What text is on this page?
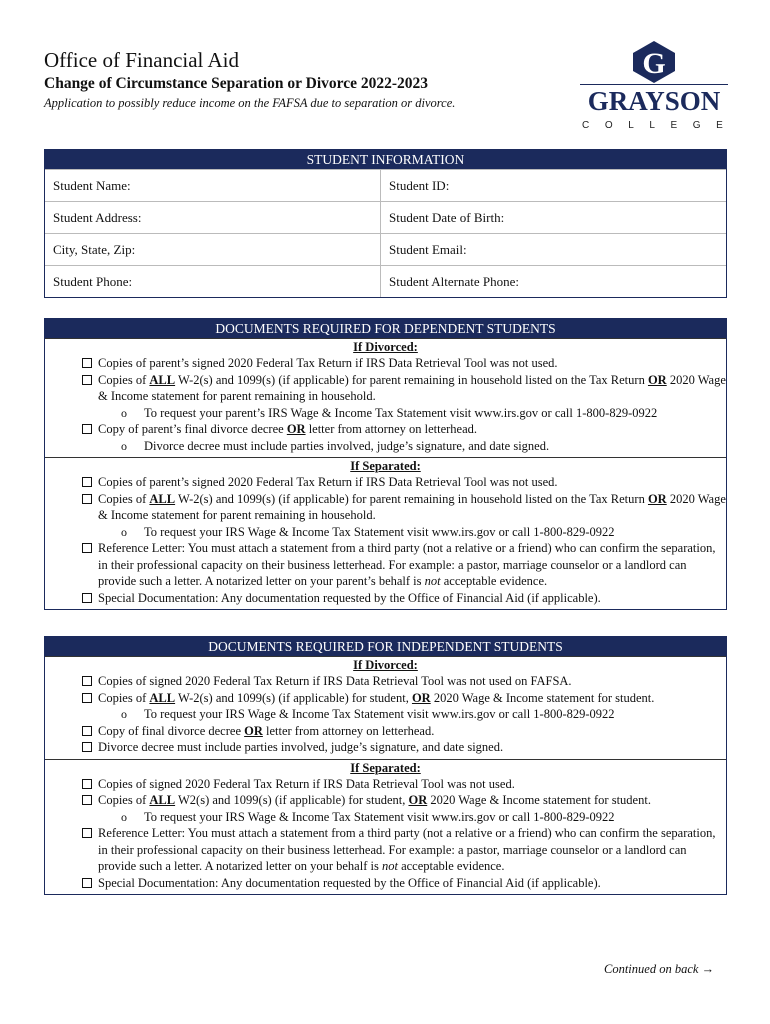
Office of Financial Aid
Change of Circumstance Separation or Divorce 2022-2023
Application to possibly reduce income on the FAFSA due to separation or divorce.
G
GRAYSON
COLLEGE
STUDENT INFORMATION
Student Name:	Student ID:
Student Address:	Student Date of Birth:
City, State, Zip:	Student Email:
Student Phone:	Student Alternate Phone:
DOCUMENTS REQUIRED FOR DEPENDENT STUDENTS
If Divorced:
Copies of parent’s signed 2020 Federal Tax Return if IRS Data Retrieval Tool was not used.
Copies of ALL W-2(s) and 1099(s) (if applicable) for parent remaining in household listed on the Tax Return OR 2020 Wage & Income statement for parent remaining in household.
o To request your parent’s IRS Wage & Income Tax Statement visit www.irs.gov or call 1-800-829-0922
Copy of parent’s final divorce decree OR letter from attorney on letterhead.
o Divorce decree must include parties involved, judge’s signature, and date signed.
If Separated:
Copies of parent’s signed 2020 Federal Tax Return if IRS Data Retrieval Tool was not used.
Copies of ALL W-2(s) and 1099(s) (if applicable) for parent remaining in household listed on the Tax Return OR 2020 Wage & Income statement for parent remaining in household.
o To request your IRS Wage & Income Tax Statement visit www.irs.gov or call 1-800-829-0922
Reference Letter: You must attach a statement from a third party (not a relative or a friend) who can confirm the separation, in their professional capacity on their business letterhead. For example: a pastor, marriage counselor or a landlord can provide such a letter. A notarized letter on your parent’s behalf is not acceptable evidence.
Special Documentation: Any documentation requested by the Office of Financial Aid (if applicable).
DOCUMENTS REQUIRED FOR INDEPENDENT STUDENTS
If Divorced:
Copies of signed 2020 Federal Tax Return if IRS Data Retrieval Tool was not used on FAFSA.
Copies of ALL W-2(s) and 1099(s) (if applicable) for student, OR 2020 Wage & Income statement for student.
o To request your IRS Wage & Income Tax Statement visit www.irs.gov or call 1-800-829-0922
Copy of final divorce decree OR letter from attorney on letterhead.
Divorce decree must include parties involved, judge’s signature, and date signed.
If Separated:
Copies of signed 2020 Federal Tax Return if IRS Data Retrieval Tool was not used.
Copies of ALL W2(s) and 1099(s) (if applicable) for student, OR 2020 Wage & Income statement for student.
o To request your IRS Wage & Income Tax Statement visit www.irs.gov or call 1-800-829-0922
Reference Letter: You must attach a statement from a third party (not a relative or a friend) who can confirm the separation, in their professional capacity on their business letterhead. For example: a pastor, marriage counselor or a landlord can provide such a letter. A notarized letter on your behalf is not acceptable evidence.
Special Documentation: Any documentation requested by the Office of Financial Aid (if applicable).
Continued on back →
